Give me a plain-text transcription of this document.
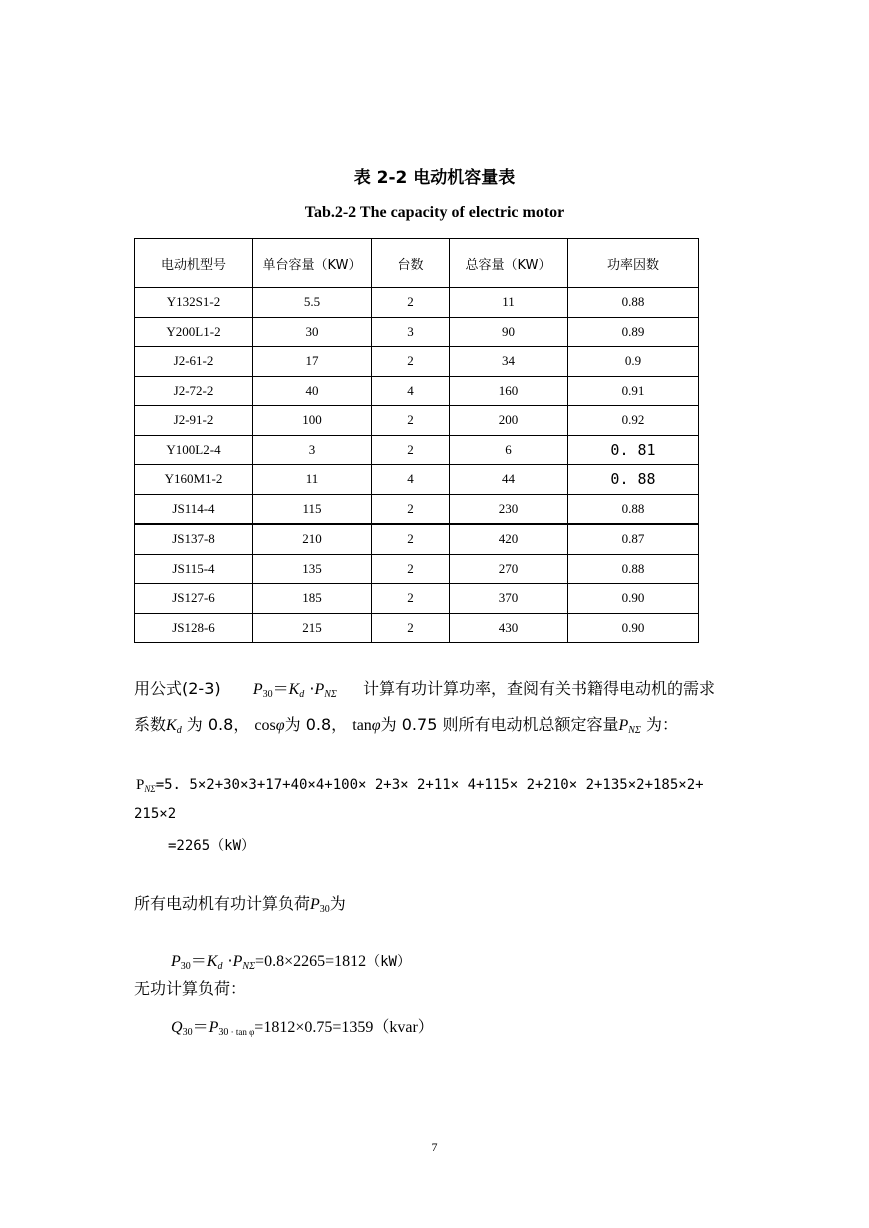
表 2-2 电动机容量表
Tab.2-2 The capacity of electric motor
电动机型号	单台容量（KW）	台数	总容量（KW）	功率因数
Y132S1-2	5.5	2	11	0.88
Y200L1-2	30	3	90	0.89
J2-61-2	17	2	34	0.9
J2-72-2	40	4	160	0.91
J2-91-2	100	2	200	0.92
Y100L2-4	3	2	6	0. 81
Y160M1-2	11	4	44	0. 88
JS114-4	115	2	230	0.88
JS137-8	210	2	420	0.87
JS115-4	135	2	270	0.88
JS127-6	185	2	370	0.90
JS128-6	215	2	430	0.90
用公式(2-3) $P_{30}=K_d \cdot P_{N\Sigma}$ 计算有功计算功率，查阅有关书籍得电动机的需求
系数$K_d$ 为 0.8， cosφ为 0.8， tanφ为 0.75 则所有电动机总额定容量$P_{N\Sigma}$ 为：
$P_{N\Sigma}=5$. 5×2+30×3+17+40×4+100× 2+3× 2+11× 4+115× 2+210× 2+135×2+185×2+
215×2
=2265（kW）
所有电动机有功计算负荷$P_{30}$为
$P_{30}=K_d \cdot P_{N\Sigma}=0.8\times 2265=1812(kW)$
无功计算负荷：
$Q_{30}=P_{30}$ $_{\cdot tan \varphi}$=1812×0.75=1359（kvar）
7
